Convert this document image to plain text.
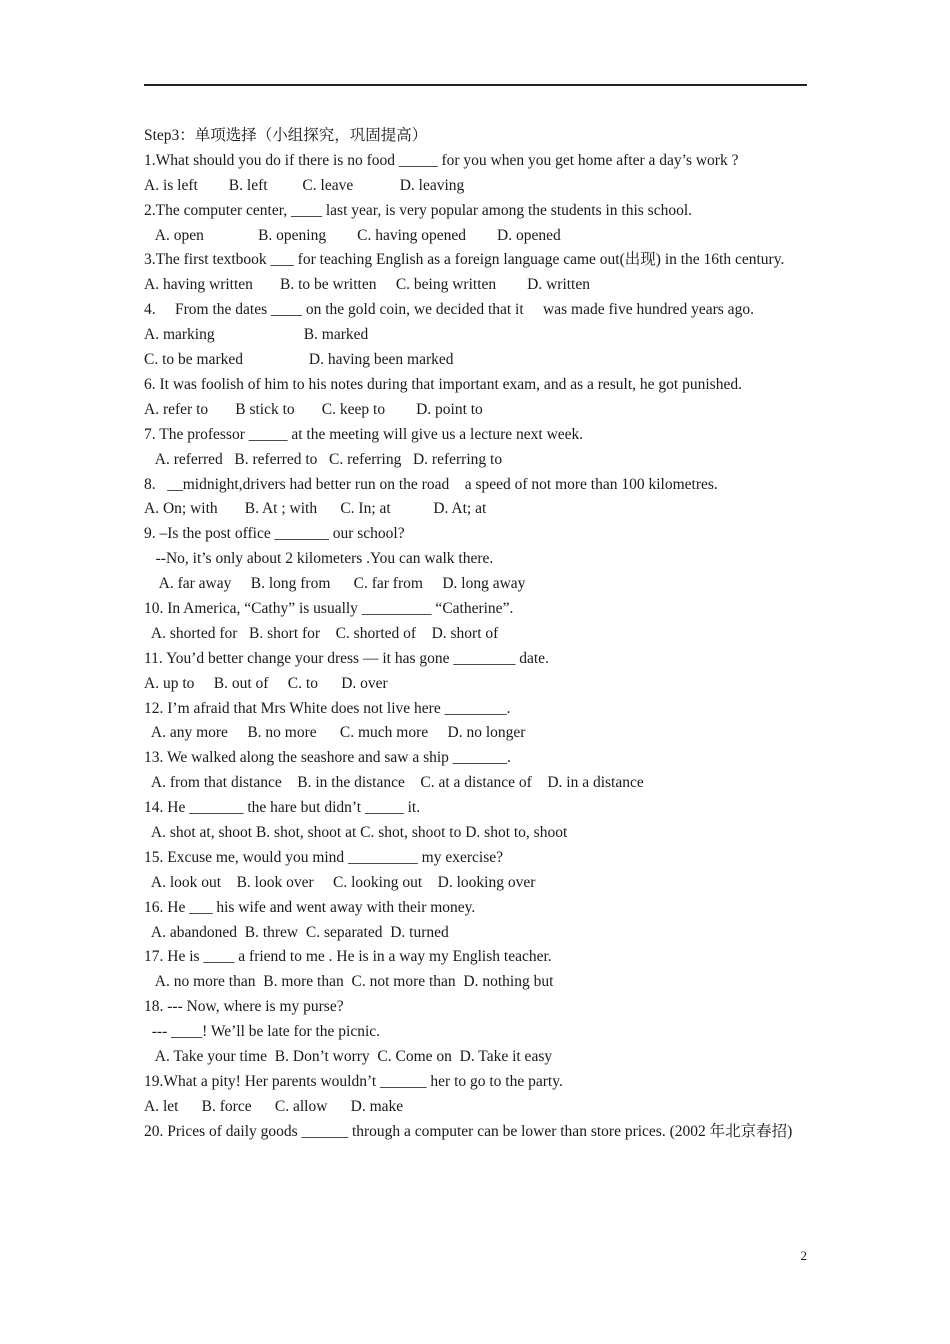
Step3：单项选择（小组探究，巩固提高）
1.What should you do if there is no food _____ for you when you get home after a day’s work ?
A. is left        B. left         C. leave            D. leaving
2.The computer center, ____ last year, is very popular among the students in this school.
A. open              B. opening        C. having opened        D. opened
3.The first textbook ___ for teaching English as a foreign language came out(出现) in the 16th century.
A. having written       B. to be written     C. being written        D. written
4.     From the dates ____ on the gold coin, we decided that it     was made five hundred years ago.
A. marking                       B. marked
C. to be marked                 D. having been marked
6. It was foolish of him to his notes during that important exam, and as a result, he got punished.
A. refer to       B stick to       C. keep to        D. point to
7. The professor _____ at the meeting will give us a lecture next week.
A. referred   B. referred to   C. referring   D. referring to
8.   __midnight,drivers had better run on the road    a speed of not more than 100 kilometres.
A. On; with       B. At ; with      C. In; at           D. At; at
9. –Is the post office _______ our school?
--No, it’s only about 2 kilometers .You can walk there.
A. far away     B. long from      C. far from     D. long away
10. In America, “Cathy” is usually _________ “Catherine”.
A. shorted for   B. short for    C. shorted of    D. short of
11. You’d better change your dress — it has gone ________ date.
A. up to     B. out of     C. to      D. over
12. I’m afraid that Mrs White does not live here ________.
A. any more     B. no more      C. much more     D. no longer
13. We walked along the seashore and saw a ship _______.
A. from that distance    B. in the distance    C. at a distance of    D. in a distance
14. He _______ the hare but didn’t _____ it.
A. shot at, shoot B. shot, shoot at C. shot, shoot to D. shot to, shoot
15. Excuse me, would you mind _________ my exercise?
A. look out    B. look over     C. looking out    D. looking over
16. He ___ his wife and went away with their money.
A. abandoned  B. threw  C. separated  D. turned
17. He is ____ a friend to me . He is in a way my English teacher.
A. no more than  B. more than  C. not more than  D. nothing but
18. --- Now, where is my purse?
--- ____! We’ll be late for the picnic.
A. Take your time  B. Don’t worry  C. Come on  D. Take it easy
19.What a pity! Her parents wouldn’t ______ her to go to the party.
A. let      B. force      C. allow      D. make
20. Prices of daily goods ______ through a computer can be lower than store prices. (2002 年北京春招)
2
